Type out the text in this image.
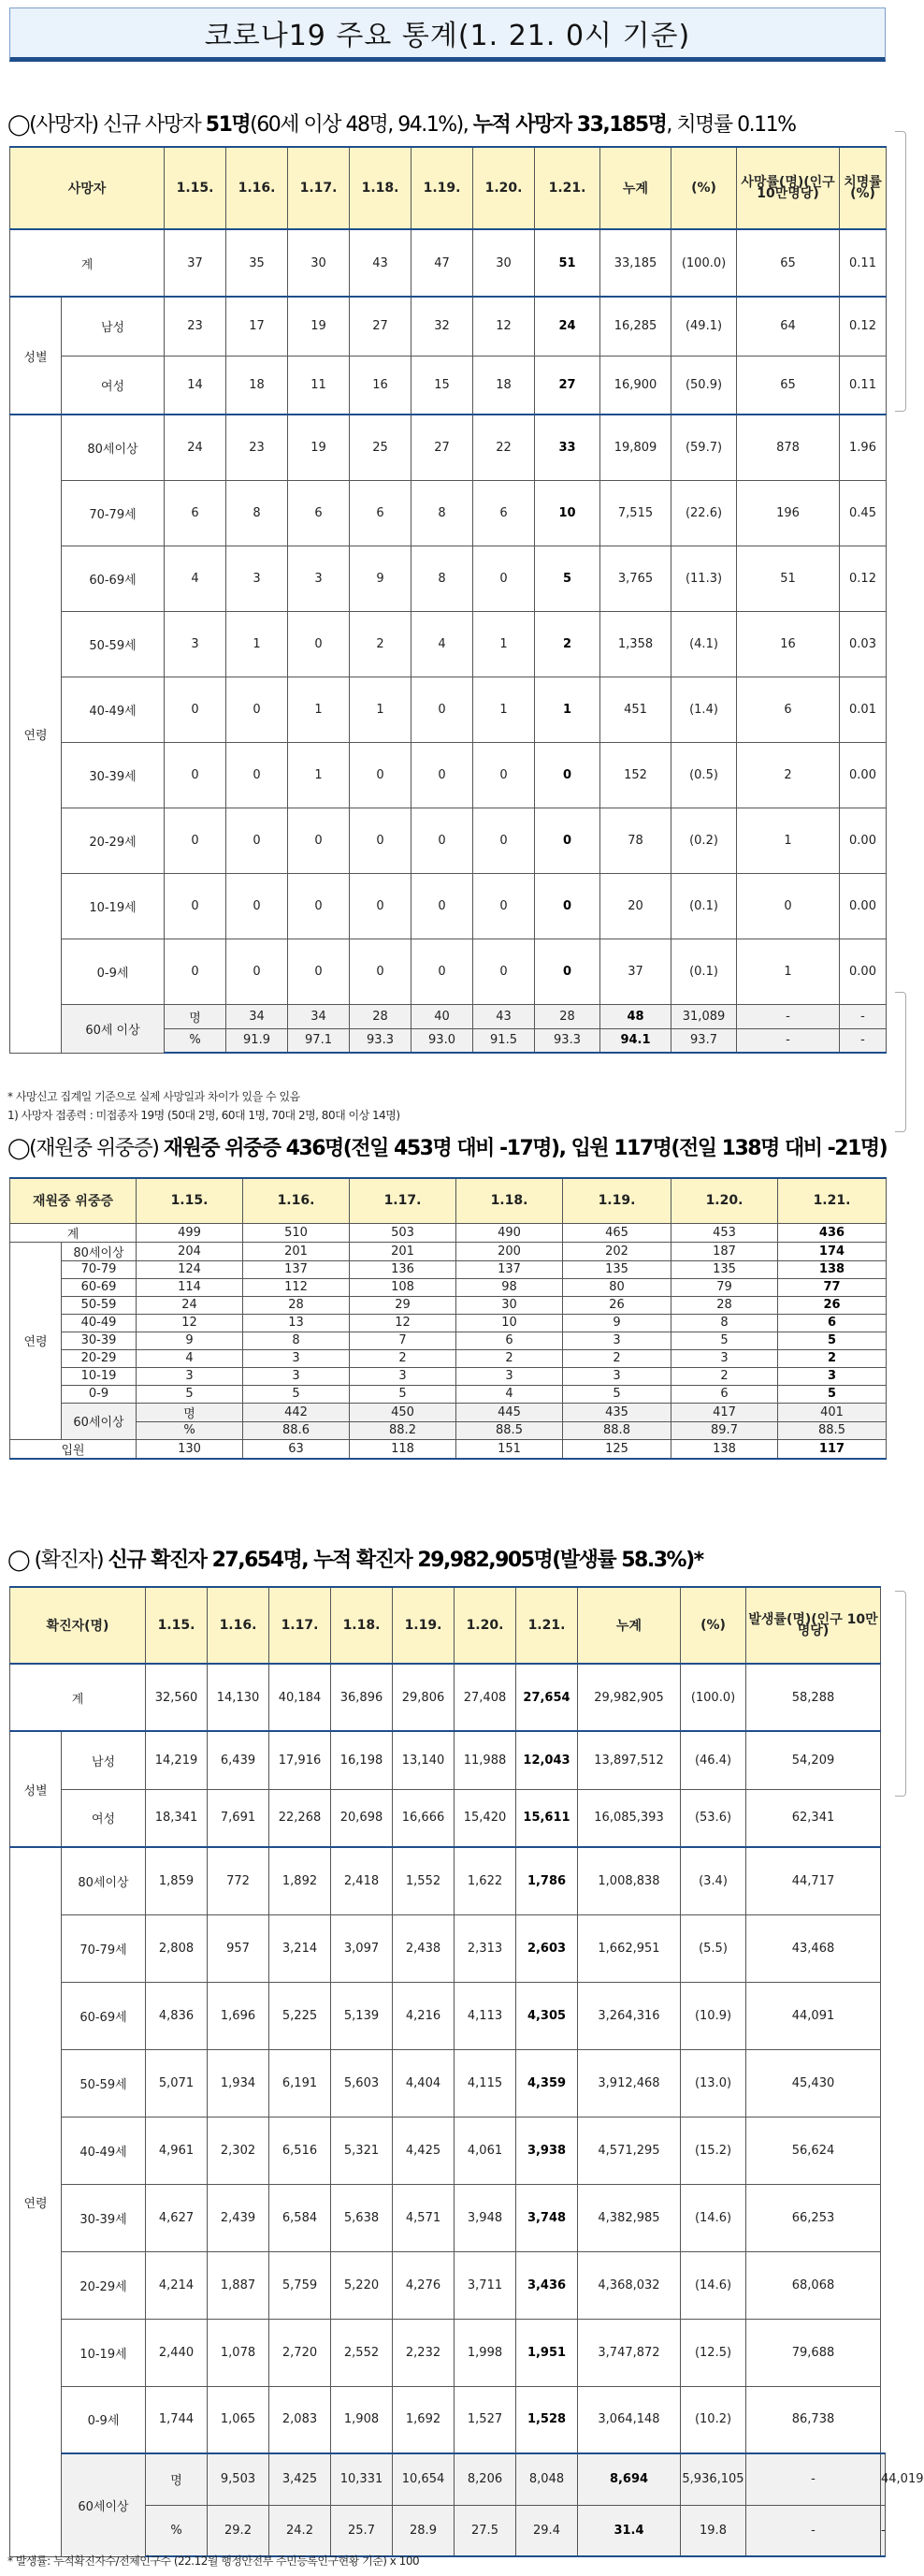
코로나19 주요 통계(1. 21. 0시 기준)
◯(사망자) 신규 사망자 51명(60세 이상 48명, 94.1%), 누적 사망자 33,185명, 치명률 0.11%
사망자		1.15.	1.16.	1.17.	1.18.	1.19.	1.20.	1.21.	누계	(%)	사망률(명)(인구10만명당)	치명률(%)	
계		37	35	30	43	47	30	51	33,185	(100.0)	65	0.11	
성별	남성	23	17	19	27	32	12	24	16,285	(49.1)	64	0.12	
	여성	14	18	11	16	15	18	27	16,900	(50.9)	65	0.11	
연령	80세이상	24	23	19	25	27	22	33	19,809	(59.7)	878	1.96	
	70-79세	6	8	6	6	8	6	10	7,515	(22.6)	196	0.45	
	60-69세	4	3	3	9	8	0	5	3,765	(11.3)	51	0.12	
	50-59세	3	1	0	2	4	1	2	1,358	(4.1)	16	0.03	
	40-49세	0	0	1	1	0	1	1	451	(1.4)	6	0.01	
	30-39세	0	0	1	0	0	0	0	152	(0.5)	2	0.00	
	20-29세	0	0	0	0	0	0	0	78	(0.2)	1	0.00	
	10-19세	0	0	0	0	0	0	0	20	(0.1)	0	0.00	
	0-9세	0	0	0	0	0	0	0	37	(0.1)	1	0.00	
	60세 이상	명	34	34	28	40	43	28	48	31,089	-	-	
		%	91.9	97.1	93.3	93.0	91.5	93.3	94.1	93.7	-	-	
* 사망신고 집계일 기준으로 실제 사망일과 차이가 있을 수 있음
1) 사망자 접종력 : 미접종자 19명 (50대 2명, 60대 1명, 70대 2명, 80대 이상 14명)
◯(재원중 위중증) 재원중 위중증 436명(전일 453명 대비 -17명), 입원 117명(전일 138명 대비 -21명)
재원중 위중증		1.15.	1.16.	1.17.	1.18.	1.19.	1.20.	1.21.	
계		499	510	503	490	465	453	436	
연령	80세이상	204	201	201	200	202	187	174	
	70-79	124	137	136	137	135	135	138	
	60-69	114	112	108	98	80	79	77	
	50-59	24	28	29	30	26	28	26	
	40-49	12	13	12	10	9	8	6	
	30-39	9	8	7	6	3	5	5	
	20-29	4	3	2	2	2	3	2	
	10-19	3	3	3	3	3	2	3	
	0-9	5	5	5	4	5	6	5	
	60세이상	명	442	450	445	435	417	401	
		%	88.6	88.2	88.5	88.8	89.7	88.5	
입원		130	63	118	151	125	138	117	
◯ (확진자) 신규 확진자 27,654명, 누적 확진자 29,982,905명(발생률 58.3%)*
확진자(명)		1.15.	1.16.	1.17.	1.18.	1.19.	1.20.	1.21.	누계	(%)	발생률(명)(인구 10만명당)	
계		32,560	14,130	40,184	36,896	29,806	27,408	27,654	29,982,905	(100.0)	58,288	
성별	남성	14,219	6,439	17,916	16,198	13,140	11,988	12,043	13,897,512	(46.4)	54,209	
	여성	18,341	7,691	22,268	20,698	16,666	15,420	15,611	16,085,393	(53.6)	62,341	
연령	80세이상	1,859	772	1,892	2,418	1,552	1,622	1,786	1,008,838	(3.4)	44,717	
	70-79세	2,808	957	3,214	3,097	2,438	2,313	2,603	1,662,951	(5.5)	43,468	
	60-69세	4,836	1,696	5,225	5,139	4,216	4,113	4,305	3,264,316	(10.9)	44,091	
	50-59세	5,071	1,934	6,191	5,603	4,404	4,115	4,359	3,912,468	(13.0)	45,430	
	40-49세	4,961	2,302	6,516	5,321	4,425	4,061	3,938	4,571,295	(15.2)	56,624	
	30-39세	4,627	2,439	6,584	5,638	4,571	3,948	3,748	4,382,985	(14.6)	66,253	
	20-29세	4,214	1,887	5,759	5,220	4,276	3,711	3,436	4,368,032	(14.6)	68,068	
	10-19세	2,440	1,078	2,720	2,552	2,232	1,998	1,951	3,747,872	(12.5)	79,688	
	0-9세	1,744	1,065	2,083	1,908	1,692	1,527	1,528	3,064,148	(10.2)	86,738	
	60세이상	명	9,503	3,425	10,331	10,654	8,206	8,048	8,694	5,936,105	-	44,019
		%	29.2	24.2	25.7	28.9	27.5	29.4	31.4	19.8	-	-
* 발생률: 누적확진자수/전체인구수 (22.12월 행정안전부 주민등록인구현황 기준) x 100
